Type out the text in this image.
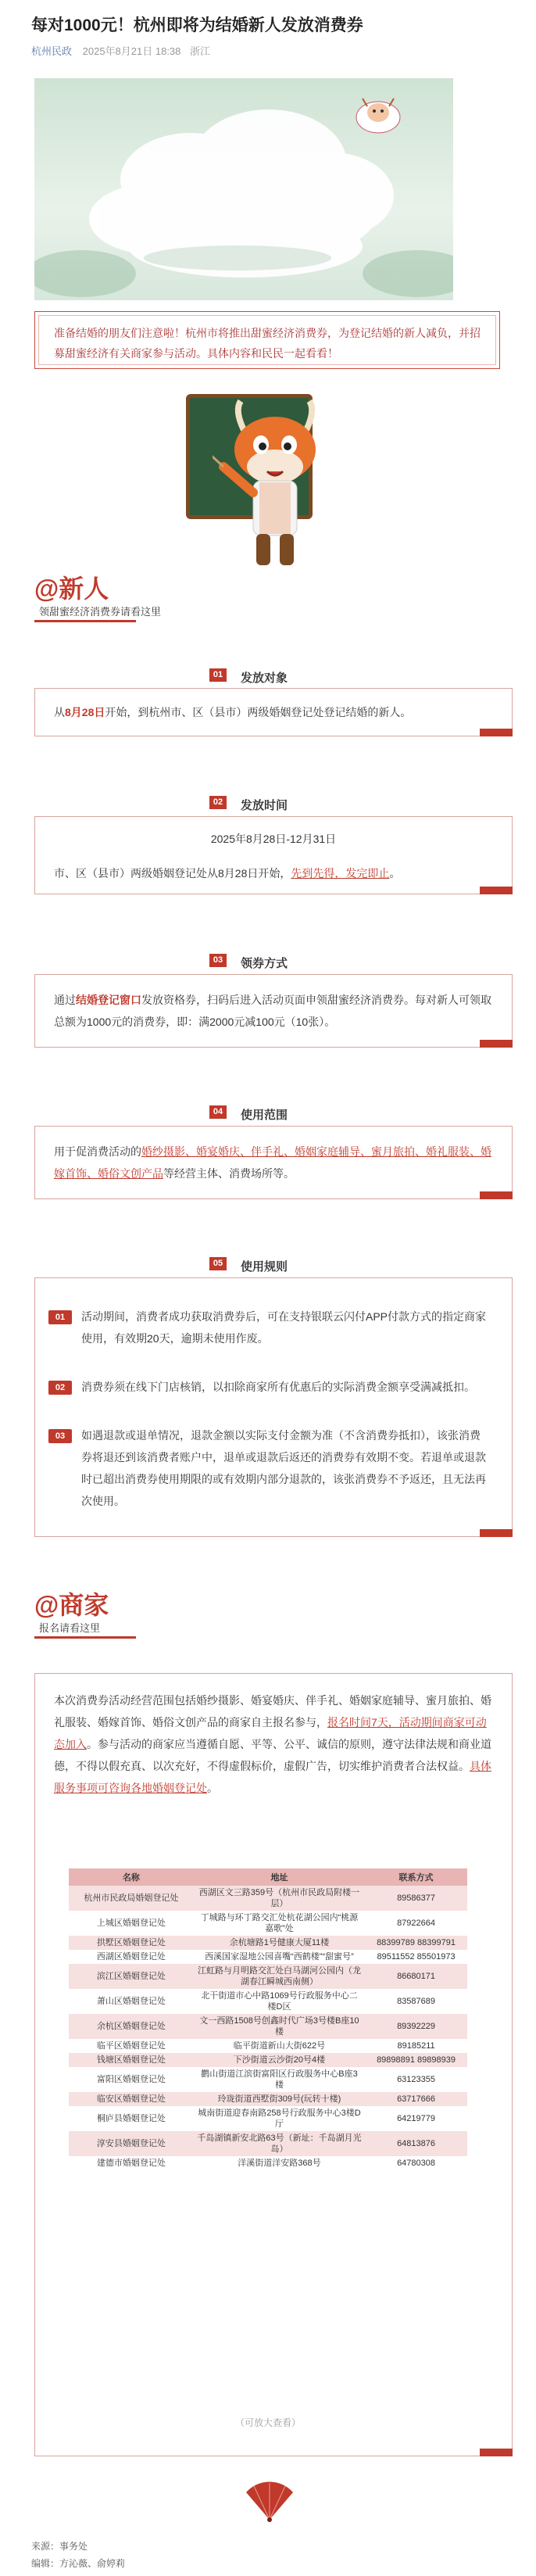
每对1000元！杭州即将为结婚新人发放消费券
杭州民政 2025年8月21日 18:38 浙江

准备结婚的朋友们注意啦！杭州市将推出甜蜜经济消费券，为登记结婚的新人减负，并招募甜蜜经济有关商家参与活动。具体内容和民民一起看看！

@新人
领甜蜜经济消费券请看这里
01	发放对象
从8月28日开始，到杭州市、区（县市）两级婚姻登记处登记结婚的新人。
02	发放时间
2025年8月28日-12月31日
市、区（县市）两级婚姻登记处从8月28日开始，先到先得，发完即止。
03	领券方式
通过结婚登记窗口发放资格券，扫码后进入活动页面申领甜蜜经济消费券。每对新人可领取总额为1000元的消费券，即：满2000元减100元（10张）。
04	使用范围
用于促消费活动的婚纱摄影、婚宴婚庆、伴手礼、婚姻家庭辅导、蜜月旅拍、婚礼服装、婚嫁首饰、婚俗文创产品等经营主体、消费场所等。
05	使用规则
01	活动期间，消费者成功获取消费券后，可在支持银联云闪付APP付款方式的指定商家使用，有效期20天，逾期未使用作废。
02	消费券须在线下门店核销，以扣除商家所有优惠后的实际消费金额享受满减抵扣。
03	如遇退款或退单情况，退款金额以实际支付金额为准（不含消费券抵扣），该张消费券将退还到该消费者账户中，退单或退款后返还的消费券有效期不变。若退单或退款时已超出消费券使用期限的或有效期内部分退款的，该张消费券不予返还，且无法再次使用。
@商家
报名请看这里
本次消费券活动经营范围包括婚纱摄影、婚宴婚庆、伴手礼、婚姻家庭辅导、蜜月旅拍、婚礼服装、婚嫁首饰、婚俗文创产品的商家自主报名参与，报名时间7天，活动期间商家可动态加入。参与活动的商家应当遵循自愿、平等、公平、诚信的原则，遵守法律法规和商业道德，不得以假充真、以次充好，不得虚假标价，虚假广告，切实维护消费者合法权益。具体服务事项可咨询各地婚姻登记处。
名称	地址	联系方式
杭州市民政局婚姻登记处	西湖区文三路359号（杭州市民政局附楼一层）	89586377
上城区婚姻登记处	丁城路与环丁路交汇处杭花湖公园内“桃源嘉歌”处	87922664
拱墅区婚姻登记处	余杭塘路1号健康大厦11楼	88399789 88399791
西湖区婚姻登记处	西溪国家湿地公园喜嘴“西鹤楼”“甜蜜号”	89511552 85501973
滨江区婚姻登记处	江虹路与月明路交汇处白马湖河公园内（龙湖春江瞬城西南侧）	86680171
萧山区婚姻登记处	北干街道市心中路1069号行政服务中心二楼D区	83587689
余杭区婚姻登记处	文一西路1508号创鑫时代广场3号楼B座10楼	89392229
临平区婚姻登记处	临平街道新山大街622号	89185211
钱塘区婚姻登记处	下沙街道云沙街20号4楼	89898891 89898939
富阳区婚姻登记处	鹳山街道江滨街富阳区行政服务中心B座3楼	63123355
临安区婚姻登记处	玲珑街道西墅街309号(玩转十楼)	63717666
桐庐县婚姻登记处	城南街道迎春南路258号行政服务中心3楼D厅	64219779
淳安县婚姻登记处	千岛湖镇新安北路63号（新址：千岛湖月光岛）	64813876
建德市婚姻登记处	洋溪街道洋安路368号	64780308
（可放大查看）
来源：事务处
编辑：方沁薇、俞婷莉
